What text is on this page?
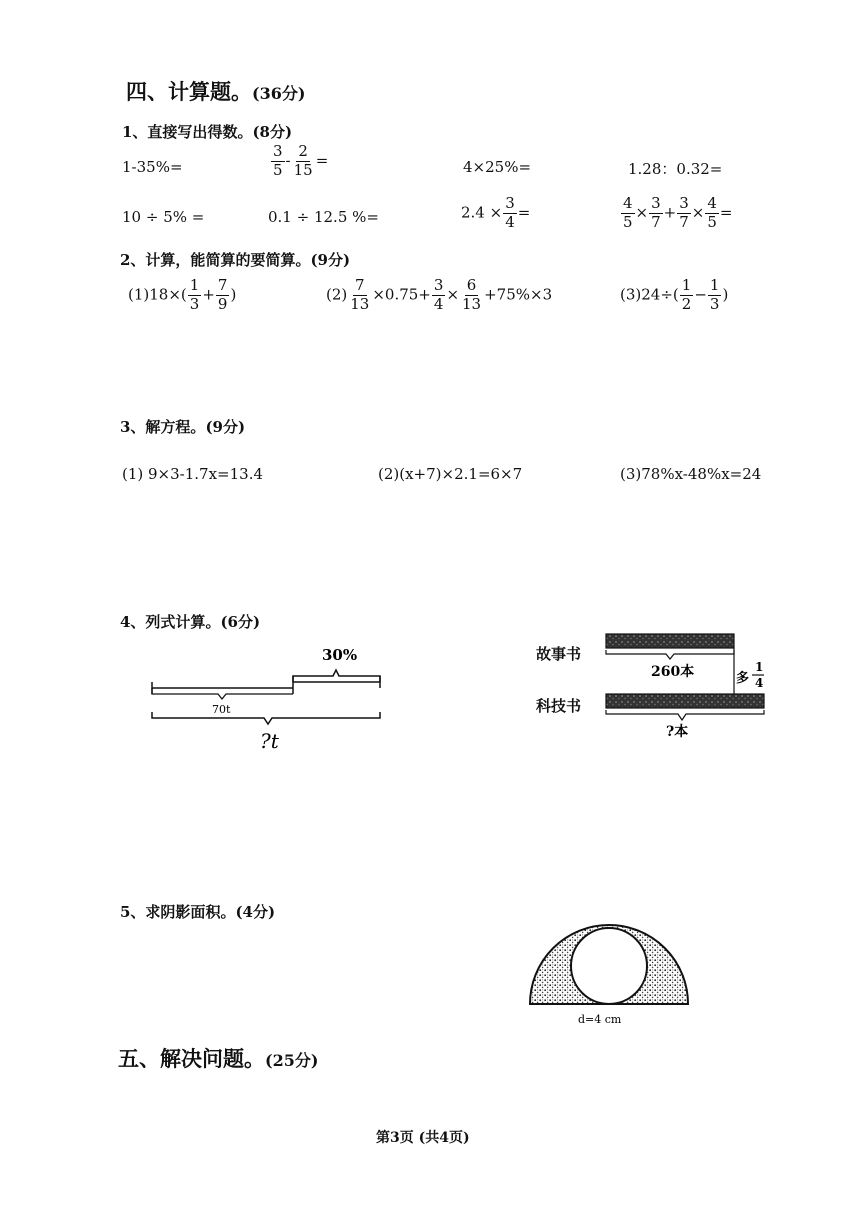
四、计算题。(36分)
1、直接写出得数。(8分)
1-35%=	$\frac{3}{5} - \frac{2}{15}$ =	4×25%=	1.28：0.32=
10 ÷ 5% =	0.1 ÷ 12.5 %=	$2.4 \times \frac{3}{4}$ =	$\frac{4}{5} \times \frac{3}{7} + \frac{3}{7} \times \frac{4}{5}$ =
2、计算，能简算的要简算。(9分)
$(1)18\times( \frac{1}{3} + \frac{7}{9}$ )	$(2) \frac{7}{13} \times 0.75+ \frac{3}{4} \times \frac{6}{13} +75\%\times 3$	$(3)24\div( \frac{1}{2} - \frac{1}{3}$ )
3、解方程。(9分)
(1) 9×3-1.7x=13.4	(2)(x+7)×2.1=6×7	(3)78%x-48%x=24
4、列式计算。(6分)
30%
70t
?t
故事书
科技书
260本
?本
多
1
4
5、求阴影面积。(4分)
d=4 cm
五、解决问题。(25分)
第3页 (共4页)
